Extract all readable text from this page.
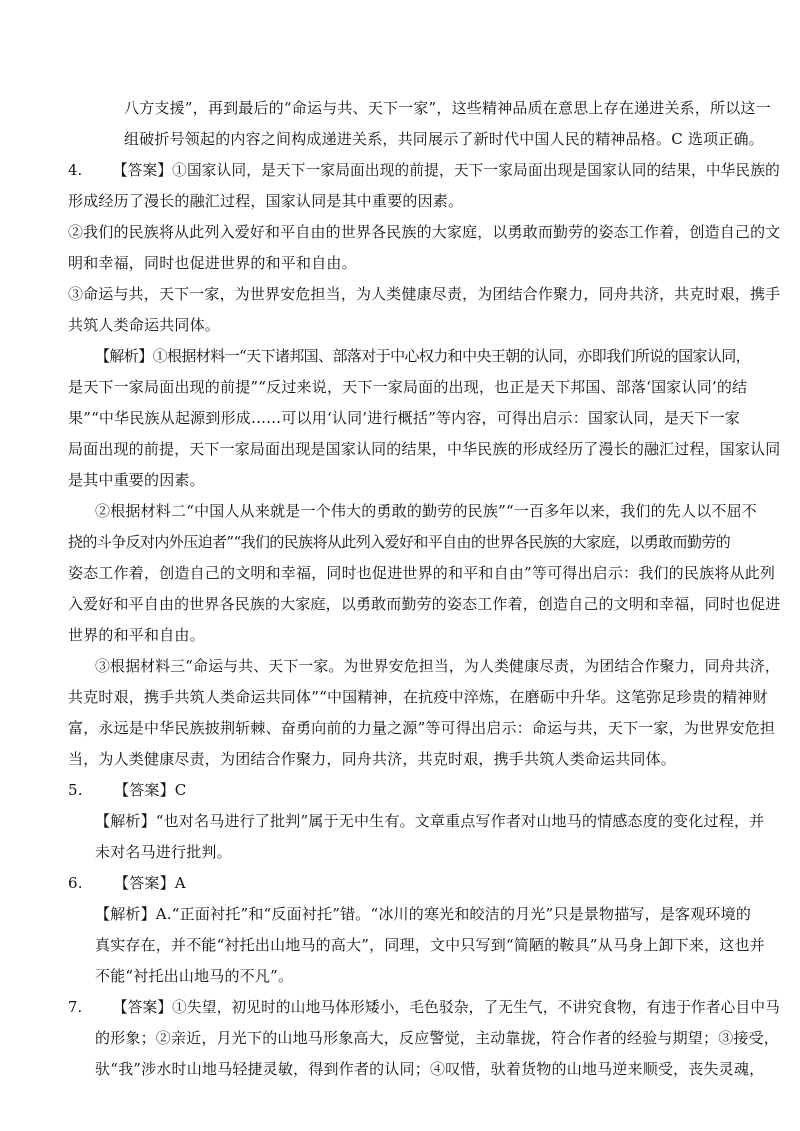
八方支援”，再到最后的“命运与共、天下一家”，这些精神品质在意思上存在递进关系，所以这一
组破折号领起的内容之间构成递进关系，共同展示了新时代中国人民的精神品格。C 选项正确。
4. 【答案】①国家认同，是天下一家局面出现的前提，天下一家局面出现是国家认同的结果，中华民族的
形成经历了漫长的融汇过程，国家认同是其中重要的因素。
②我们的民族将从此列入爱好和平自由的世界各民族的大家庭，以勇敢而勤劳的姿态工作着，创造自己的文
明和幸福，同时也促进世界的和平和自由。
③命运与共，天下一家，为世界安危担当，为人类健康尽责，为团结合作聚力，同舟共济，共克时艰，携手
共筑人类命运共同体。
【解析】①根据材料一“天下诸邦国、部落对于中心权力和中央王朝的认同，亦即我们所说的国家认同，
是天下一家局面出现的前提”“反过来说，天下一家局面的出现，也正是天下邦国、部落‘国家认同’的结
果”“中华民族从起源到形成……可以用‘认同’进行概括”等内容，可得出启示：国家认同，是天下一家
局面出现的前提，天下一家局面出现是国家认同的结果，中华民族的形成经历了漫长的融汇过程，国家认同
是其中重要的因素。
②根据材料二“中国人从来就是一个伟大的勇敢的勤劳的民族”“一百多年以来，我们的先人以不屈不
挠的斗争反对内外压迫者”“我们的民族将从此列入爱好和平自由的世界各民族的大家庭，以勇敢而勤劳的
姿态工作着，创造自己的文明和幸福，同时也促进世界的和平和自由”等可得出启示：我们的民族将从此列
入爱好和平自由的世界各民族的大家庭，以勇敢而勤劳的姿态工作着，创造自己的文明和幸福，同时也促进
世界的和平和自由。
③根据材料三“命运与共、天下一家。为世界安危担当，为人类健康尽责，为团结合作聚力，同舟共济，
共克时艰，携手共筑人类命运共同体”“中国精神，在抗疫中淬炼，在磨砺中升华。这笔弥足珍贵的精神财
富，永远是中华民族披荆斩棘、奋勇向前的力量之源”等可得出启示：命运与共，天下一家，为世界安危担
当，为人类健康尽责，为团结合作聚力，同舟共济，共克时艰，携手共筑人类命运共同体。
5. 【答案】C
【解析】“也对名马进行了批判”属于无中生有。文章重点写作者对山地马的情感态度的变化过程，并
未对名马进行批判。
6. 【答案】A
【解析】A.“正面衬托”和“反面衬托”错。“冰川的寒光和皎洁的月光”只是景物描写，是客观环境的
真实存在，并不能“衬托出山地马的高大”，同理，文中只写到“简陋的鞍具”从马身上卸下来，这也并
不能“衬托出山地马的不凡”。
7. 【答案】①失望，初见时的山地马体形矮小，毛色驳杂，了无生气，不讲究食物，有违于作者心目中马
的形象；②亲近，月光下的山地马形象高大，反应警觉，主动靠拢，符合作者的经验与期望；③接受，
驮“我”涉水时山地马轻捷灵敏，得到作者的认同；④叹惜，驮着货物的山地马逆来顺受，丧失灵魂，
